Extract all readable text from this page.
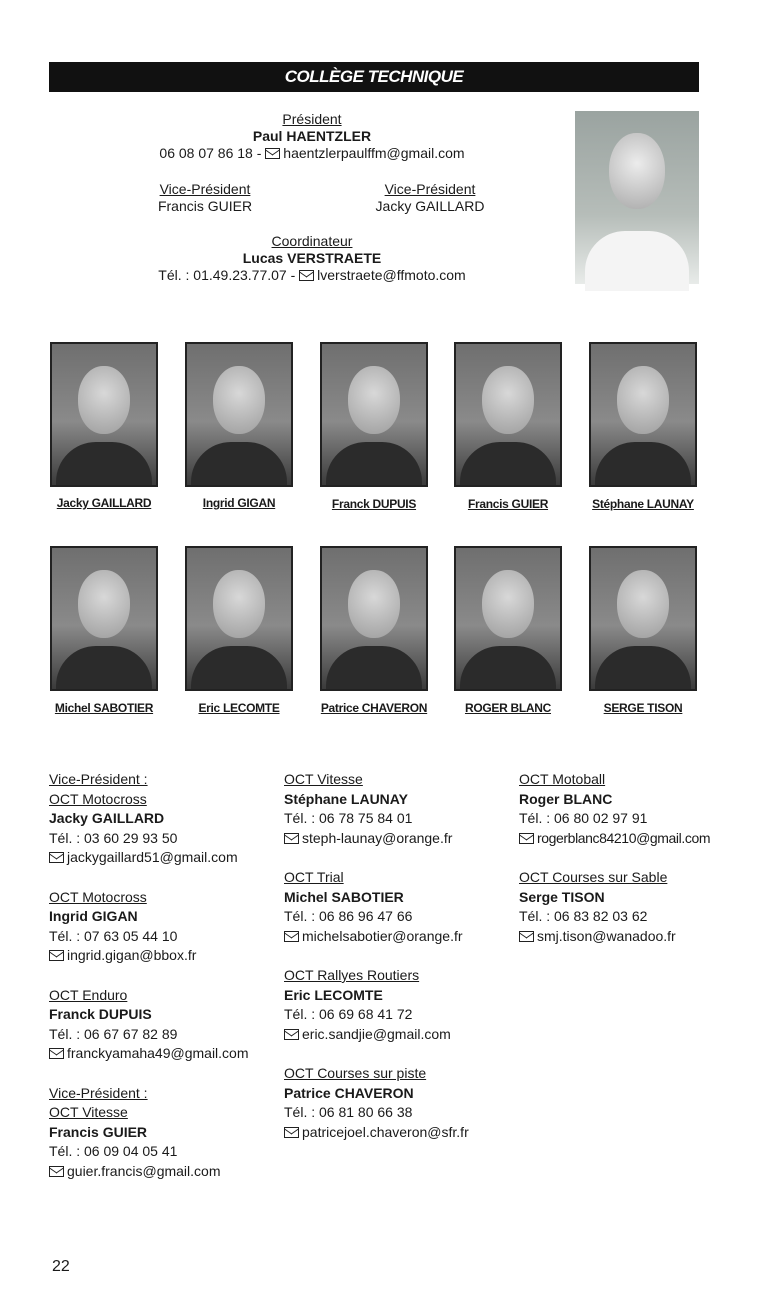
COLLÈGE TECHNIQUE
Président
Paul HAENTZLER
06 08 07 86 18 - haentzlerpaulffm@gmail.com
Vice-Président
Francis GUIER
Vice-Président
Jacky GAILLARD
Coordinateur
Lucas VERSTRAETE
Tél. : 01.49.23.77.07 - lverstraete@ffmoto.com
Jacky GAILLARD	Ingrid GIGAN	Franck DUPUIS	Francis GUIER	Stéphane LAUNAY
Michel SABOTIER	Eric LECOMTE	Patrice CHAVERON	ROGER BLANC	SERGE TISON
Vice-Président :
OCT Motocross
Jacky GAILLARD
Tél. : 03 60 29 93 50
jackygaillard51@gmail.com
OCT Motocross
Ingrid GIGAN
Tél. : 07 63 05 44 10
ingrid.gigan@bbox.fr
OCT Enduro
Franck DUPUIS
Tél. : 06 67 67 82 89
franckyamaha49@gmail.com
Vice-Président :
OCT Vitesse
Francis GUIER
Tél. : 06 09 04 05 41
guier.francis@gmail.com
OCT Vitesse
Stéphane LAUNAY
Tél. : 06 78 75 84 01
steph-launay@orange.fr
OCT Trial
Michel SABOTIER
Tél. : 06 86 96 47 66
michelsabotier@orange.fr
OCT Rallyes Routiers
Eric LECOMTE
Tél. : 06 69 68 41 72
eric.sandjie@gmail.com
OCT Courses sur piste
Patrice CHAVERON
Tél. : 06 81 80 66 38
patricejoel.chaveron@sfr.fr
OCT Motoball
Roger BLANC
Tél. : 06 80 02 97 91
rogerblanc84210@gmail.com
OCT Courses sur Sable
Serge TISON
Tél. : 06 83 82 03 62
smj.tison@wanadoo.fr
22
